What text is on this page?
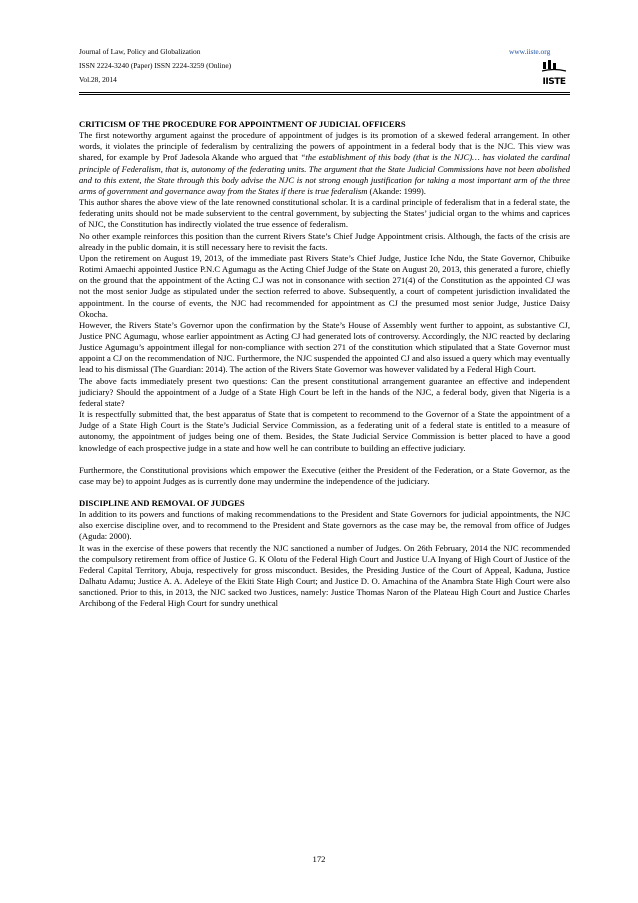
Journal of Law, Policy and Globalization
ISSN 2224-3240 (Paper) ISSN 2224-3259 (Online)
Vol.28, 2014
www.iiste.org
IISTE
CRITICISM OF THE PROCEDURE FOR APPOINTMENT OF JUDICIAL OFFICERS

The first noteworthy argument against the procedure of appointment of judges is its promotion of a skewed federal arrangement. In other words, it violates the principle of federalism by centralizing the powers of appointment in a federal body that is the NJC. This view was shared, for example by Prof Jadesola Akande who argued that “the establishment of this body (that is the NJC)… has violated the cardinal principle of Federalism, that is, autonomy of the federating units. The argument that the State Judicial Commissions have not been abolished and to this extent, the State through this body advise the NJC is not strong enough justification for taking a most important arm of the three arms of government and governance away from the States if there is true federalism (Akande: 1999).

This author shares the above view of the late renowned constitutional scholar. It is a cardinal principle of federalism that in a federal state, the federating units should not be made subservient to the central government, by subjecting the States’ judicial organ to the whims and caprices of NJC, the Constitution has indirectly violated the true essence of federalism.

No other example reinforces this position than the current Rivers State’s Chief Judge Appointment crisis. Although, the facts of the crisis are already in the public domain, it is still necessary here to revisit the facts.

Upon the retirement on August 19, 2013, of the immediate past Rivers State’s Chief Judge, Justice Iche Ndu, the State Governor, Chibuike Rotimi Amaechi appointed Justice P.N.C Agumagu as the Acting Chief Judge of the State on August 20, 2013, this generated a furore, chiefly on the ground that the appointment of the Acting C.J was not in consonance with section 271(4) of the Constitution as the appointed CJ was not the most senior Judge as stipulated under the section referred to above. Subsequently, a court of competent jurisdiction invalidated the appointment. In the course of events, the NJC had recommended for appointment as CJ the presumed most senior Judge, Justice Daisy Okocha.

However, the Rivers State’s Governor upon the confirmation by the State’s House of Assembly went further to appoint, as substantive CJ, Justice PNC Agumagu, whose earlier appointment as Acting CJ had generated lots of controversy. Accordingly, the NJC reacted by declaring Justice Agumagu’s appointment illegal for non-compliance with section 271 of the constitution which stipulated that a State Governor must appoint a CJ on the recommendation of NJC. Furthermore, the NJC suspended the appointed CJ and also issued a query which may eventually lead to his dismissal (The Guardian: 2014). The action of the Rivers State Governor was however validated by a Federal High Court.

The above facts immediately present two questions: Can the present constitutional arrangement guarantee an effective and independent judiciary? Should the appointment of a Judge of a State High Court be left in the hands of the NJC, a federal body, given that Nigeria is a federal state?

It is respectfully submitted that, the best apparatus of State that is competent to recommend to the Governor of a State the appointment of a Judge of a State High Court is the State’s Judicial Service Commission, as a federating unit of a federal state is entitled to a measure of autonomy, the appointment of judges being one of them. Besides, the State Judicial Service Commission is better placed to have a good knowledge of each prospective judge in a state and how well he can contribute to building an effective judiciary.

Furthermore, the Constitutional provisions which empower the Executive (either the President of the Federation, or a State Governor, as the case may be) to appoint Judges as is currently done may undermine the independence of the judiciary.

DISCIPLINE AND REMOVAL OF JUDGES

In addition to its powers and functions of making recommendations to the President and State Governors for judicial appointments, the NJC also exercise discipline over, and to recommend to the President and State governors as the case may be, the removal from office of Judges (Aguda: 2000).

It was in the exercise of these powers that recently the NJC sanctioned a number of Judges. On 26th February, 2014 the NJC recommended the compulsory retirement from office of Justice G. K Olotu of the Federal High Court and Justice U.A Inyang of High Court of Justice of the Federal Capital Territory, Abuja, respectively for gross misconduct. Besides, the Presiding Justice of the Court of Appeal, Kaduna, Justice Dalhatu Adamu; Justice A. A. Adeleye of the Ekiti State High Court; and Justice D. O. Amachina of the Anambra State High Court were also sanctioned. Prior to this, in 2013, the NJC sacked two Justices, namely: Justice Thomas Naron of the Plateau High Court and Justice Charles Archibong of the Federal High Court for sundry unethical

172
